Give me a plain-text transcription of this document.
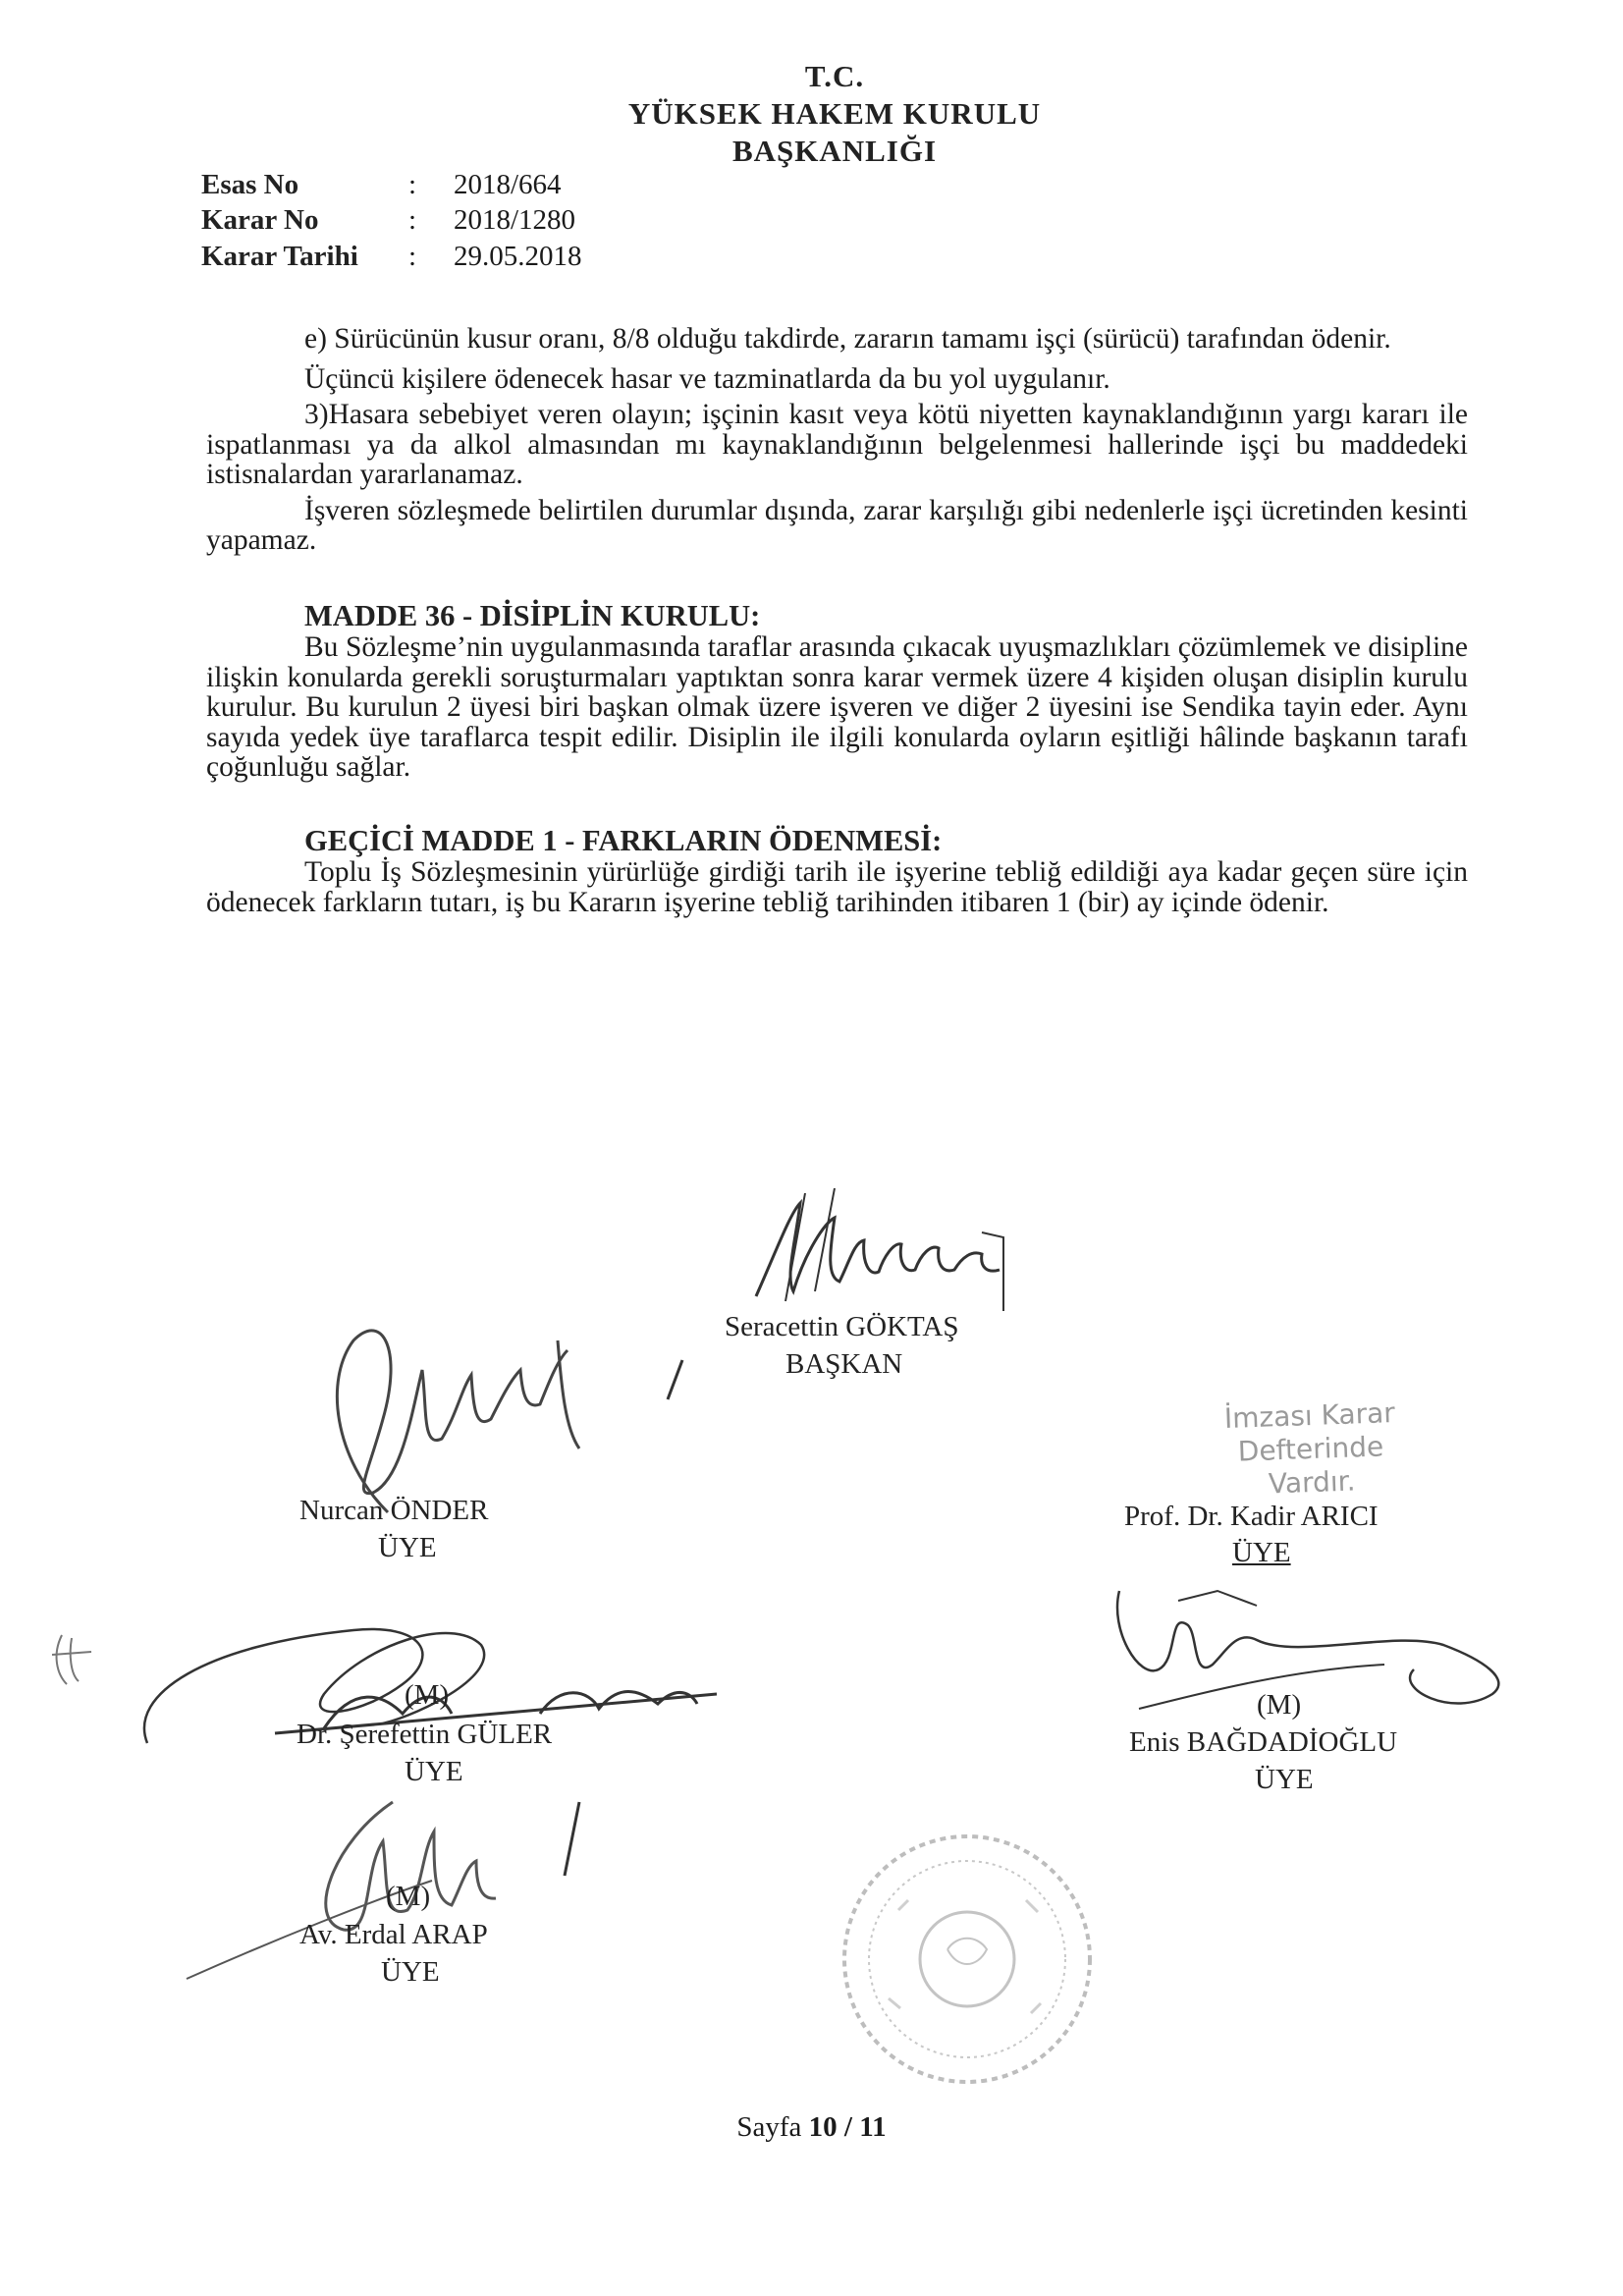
T.C.
YÜKSEK HAKEM KURULU
BAŞKANLIĞI
Esas No	: 2018/664
Karar No	: 2018/1280
Karar Tarihi : 29.05.2018

e) Sürücünün kusur oranı, 8/8 olduğu takdirde, zararın tamamı işçi (sürücü) tarafından ödenir.

Üçüncü kişilere ödenecek hasar ve tazminatlarda da bu yol uygulanır.

3)Hasara sebebiyet veren olayın; işçinin kasıt veya kötü niyetten kaynaklandığının yargı kararı ile ispatlanması ya da alkol almasından mı kaynaklandığının belgelenmesi hallerinde işçi bu maddedeki istisnalardan yararlanamaz.

İşveren sözleşmede belirtilen durumlar dışında, zarar karşılığı gibi nedenlerle işçi ücretinden kesinti yapamaz.

MADDE 36 - DİSİPLİN KURULU:

Bu Sözleşme’nin uygulanmasında taraflar arasında çıkacak uyuşmazlıkları çözümlemek ve disipline ilişkin konularda gerekli soruşturmaları yaptıktan sonra karar vermek üzere 4 kişiden oluşan disiplin kurulu kurulur. Bu kurulun 2 üyesi biri başkan olmak üzere işveren ve diğer 2 üyesini ise Sendika tayin eder. Aynı sayıda yedek üye taraflarca tespit edilir. Disiplin ile ilgili konularda oyların eşitliği hâlinde başkanın tarafı çoğunluğu sağlar.

GEÇİCİ MADDE 1 - FARKLARIN ÖDENMESİ:

Toplu İş Sözleşmesinin yürürlüğe girdiği tarih ile işyerine tebliğ edildiği aya kadar geçen süre için ödenecek farkların tutarı, iş bu Kararın işyerine tebliğ tarihinden itibaren 1 (bir) ay içinde ödenir.

Seracettin GÖKTAŞ
BAŞKAN
Nurcan ÖNDER
ÜYE
İmzası Karar Defterinde
Vardır.
Prof. Dr. Kadir ARICI
ÜYE
(M)
Dr. Şerefettin GÜLER
ÜYE
(M)
Enis BAĞDADİOĞLU
ÜYE
(M)
Av. Erdal ARAP
ÜYE
Sayfa 10 / 11
